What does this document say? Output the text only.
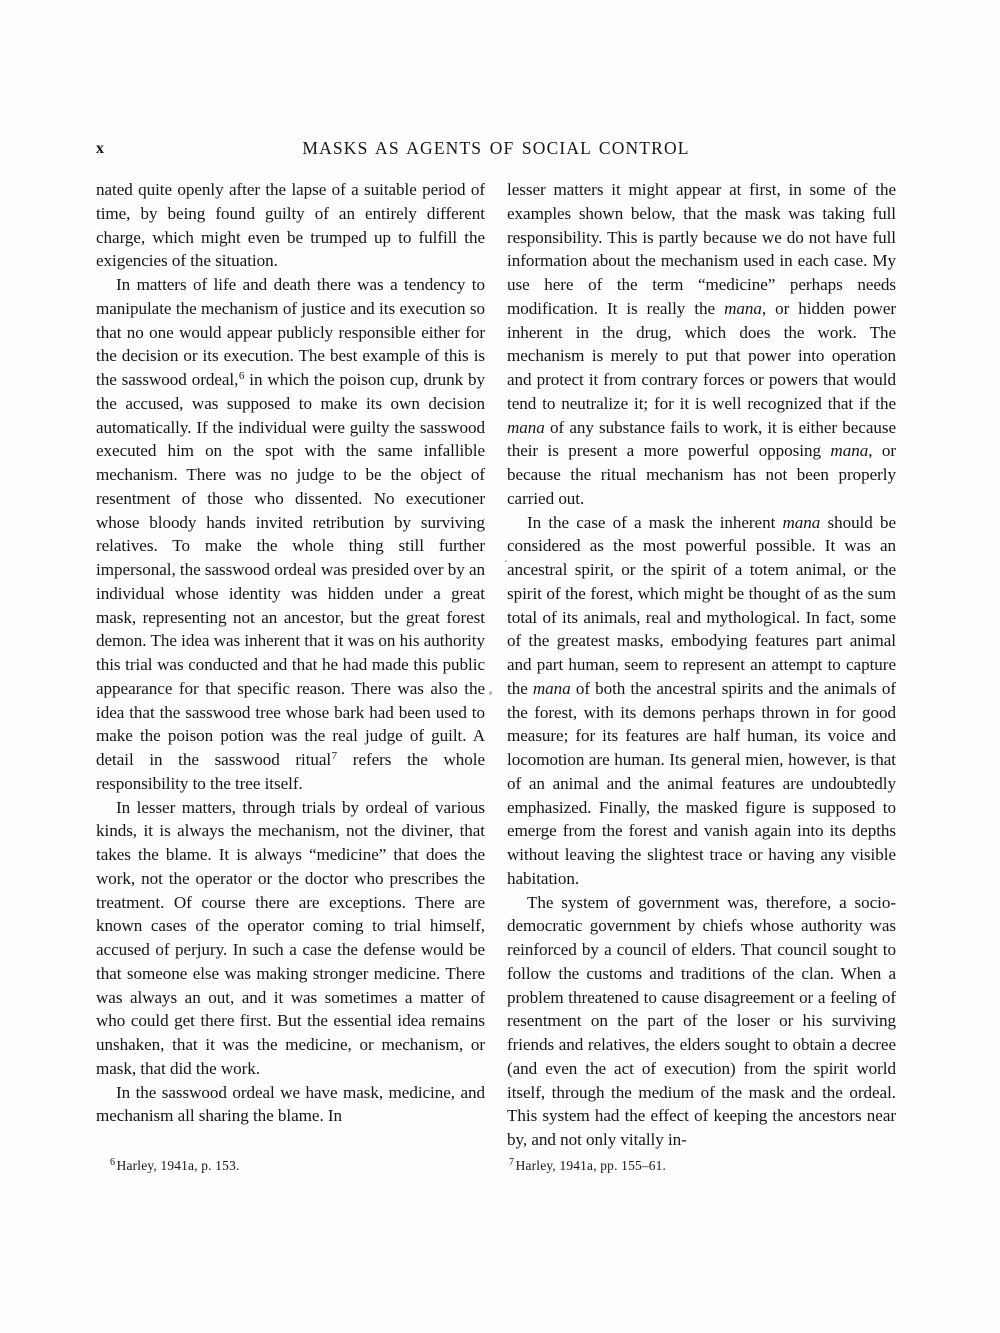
x	MASKS AS AGENTS OF SOCIAL CONTROL

nated quite openly after the lapse of a suitable period of time, by being found guilty of an entirely different charge, which might even be trumped up to fulfill the exigencies of the situation.

In matters of life and death there was a tendency to manipulate the mechanism of justice and its execution so that no one would appear publicly responsible either for the decision or its execution. The best example of this is the sasswood ordeal,$^6$ in which the poison cup, drunk by the accused, was supposed to make its own decision automatically. If the individual were guilty the sasswood executed him on the spot with the same infallible mechanism. There was no judge to be the object of resentment of those who dissented. No executioner whose bloody hands invited retribution by surviving relatives. To make the whole thing still further impersonal, the sasswood ordeal was presided over by an individual whose identity was hidden under a great mask, representing not an ancestor, but the great forest demon. The idea was inherent that it was on his authority this trial was conducted and that he had made this public appearance for that specific reason. There was also the idea that the sasswood tree whose bark had been used to make the poison potion was the real judge of guilt. A detail in the sasswood ritual$^7$ refers the whole responsibility to the tree itself.

In lesser matters, through trials by ordeal of various kinds, it is always the mechanism, not the diviner, that takes the blame. It is always “medicine” that does the work, not the operator or the doctor who prescribes the treatment. Of course there are exceptions. There are known cases of the operator coming to trial himself, accused of perjury. In such a case the defense would be that someone else was making stronger medicine. There was always an out, and it was sometimes a matter of who could get there first. But the essential idea remains unshaken, that it was the medicine, or mechanism, or mask, that did the work.

In the sasswood ordeal we have mask, medicine, and mechanism all sharing the blame. In

lesser matters it might appear at first, in some of the examples shown below, that the mask was taking full responsibility. This is partly because we do not have full information about the mechanism used in each case. My use here of the term “medicine” perhaps needs modification. It is really the mana, or hidden power inherent in the drug, which does the work. The mechanism is merely to put that power into operation and protect it from contrary forces or powers that would tend to neutralize it; for it is well recognized that if the mana of any substance fails to work, it is either because their is present a more powerful opposing mana, or because the ritual mechanism has not been properly carried out.

In the case of a mask the inherent mana should be considered as the most powerful possible. It was an ancestral spirit, or the spirit of a totem animal, or the spirit of the forest, which might be thought of as the sum total of its animals, real and mythological. In fact, some of the greatest masks, embodying features part animal and part human, seem to represent an attempt to capture the mana of both the ancestral spirits and the animals of the forest, with its demons perhaps thrown in for good measure; for its features are half human, its voice and locomotion are human. Its general mien, however, is that of an animal and the animal features are undoubtedly emphasized. Finally, the masked figure is supposed to emerge from the forest and vanish again into its depths without leaving the slightest trace or having any visible habitation.

The system of government was, therefore, a socio-democratic government by chiefs whose authority was reinforced by a council of elders. That council sought to follow the customs and traditions of the clan. When a problem threatened to cause disagreement or a feeling of resentment on the part of the loser or his surviving friends and relatives, the elders sought to obtain a decree (and even the act of execution) from the spirit world itself, through the medium of the mask and the ordeal. This system had the effect of keeping the ancestors near by, and not only vitally in-

$^6$ Harley, 1941a, p. 153.	$^7$ Harley, 1941a, pp. 155–61.
